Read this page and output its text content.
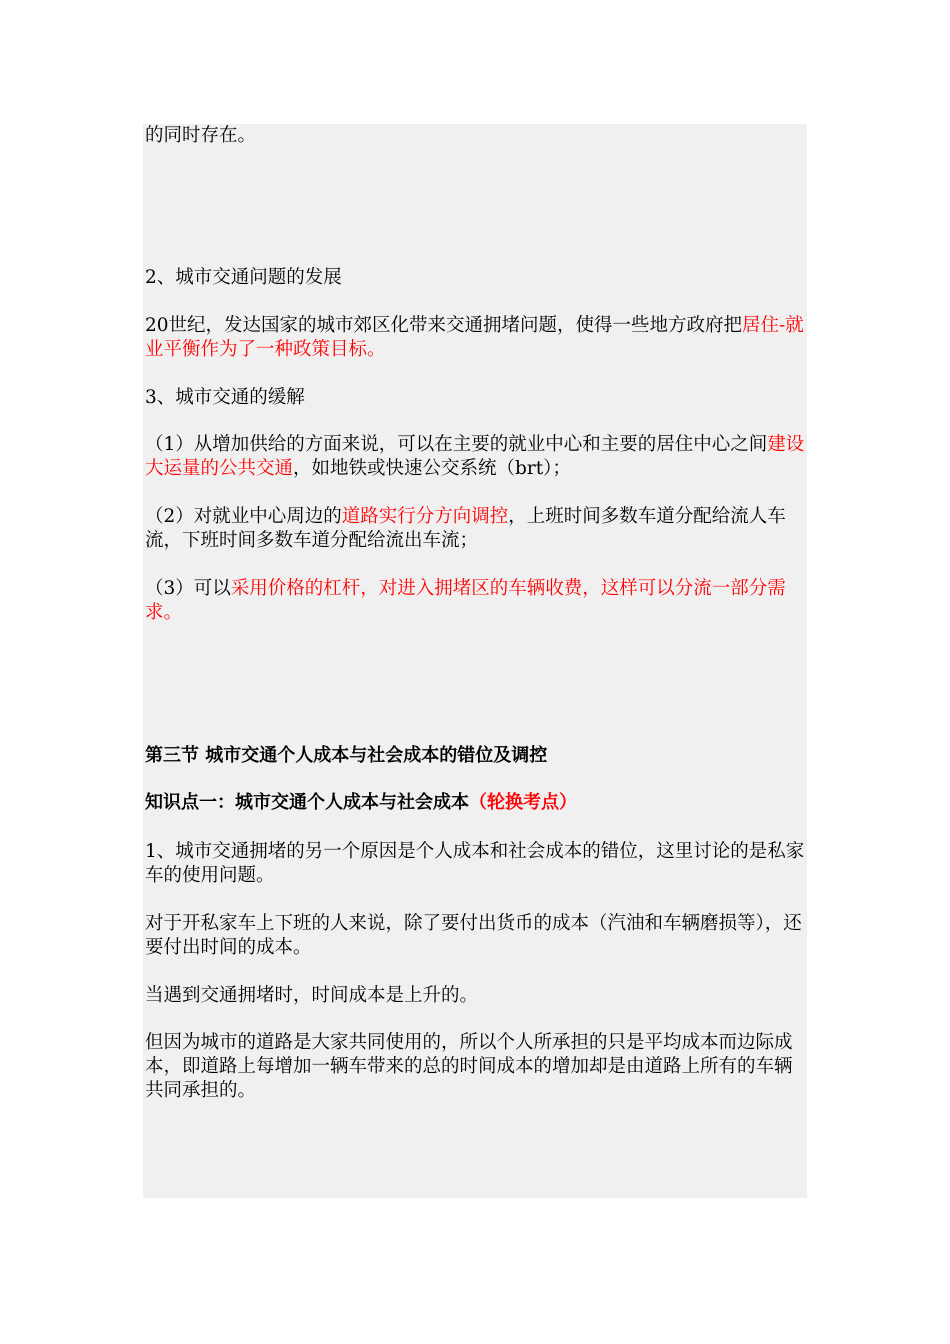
的同时存在。

2、城市交通问题的发展

20世纪，发达国家的城市郊区化带来交通拥堵问题，使得一些地方政府把居住-就业平衡作为了一种政策目标。

3、城市交通的缓解

（1）从增加供给的方面来说，可以在主要的就业中心和主要的居住中心之间建设大运量的公共交通，如地铁或快速公交系统（brt）；

（2）对就业中心周边的道路实行分方向调控，上班时间多数车道分配给流人车流，下班时间多数车道分配给流出车流；

（3）可以采用价格的杠杆，对进入拥堵区的车辆收费，这样可以分流一部分需求。

第三节 城市交通个人成本与社会成本的错位及调控

知识点一：城市交通个人成本与社会成本（轮换考点）

1、城市交通拥堵的另一个原因是个人成本和社会成本的错位，这里讨论的是私家车的使用问题。

对于开私家车上下班的人来说，除了要付出货币的成本（汽油和车辆磨损等），还要付出时间的成本。

当遇到交通拥堵时，时间成本是上升的。

但因为城市的道路是大家共同使用的，所以个人所承担的只是平均成本而边际成本，即道路上每增加一辆车带来的总的时间成本的增加却是由道路上所有的车辆共同承担的。
